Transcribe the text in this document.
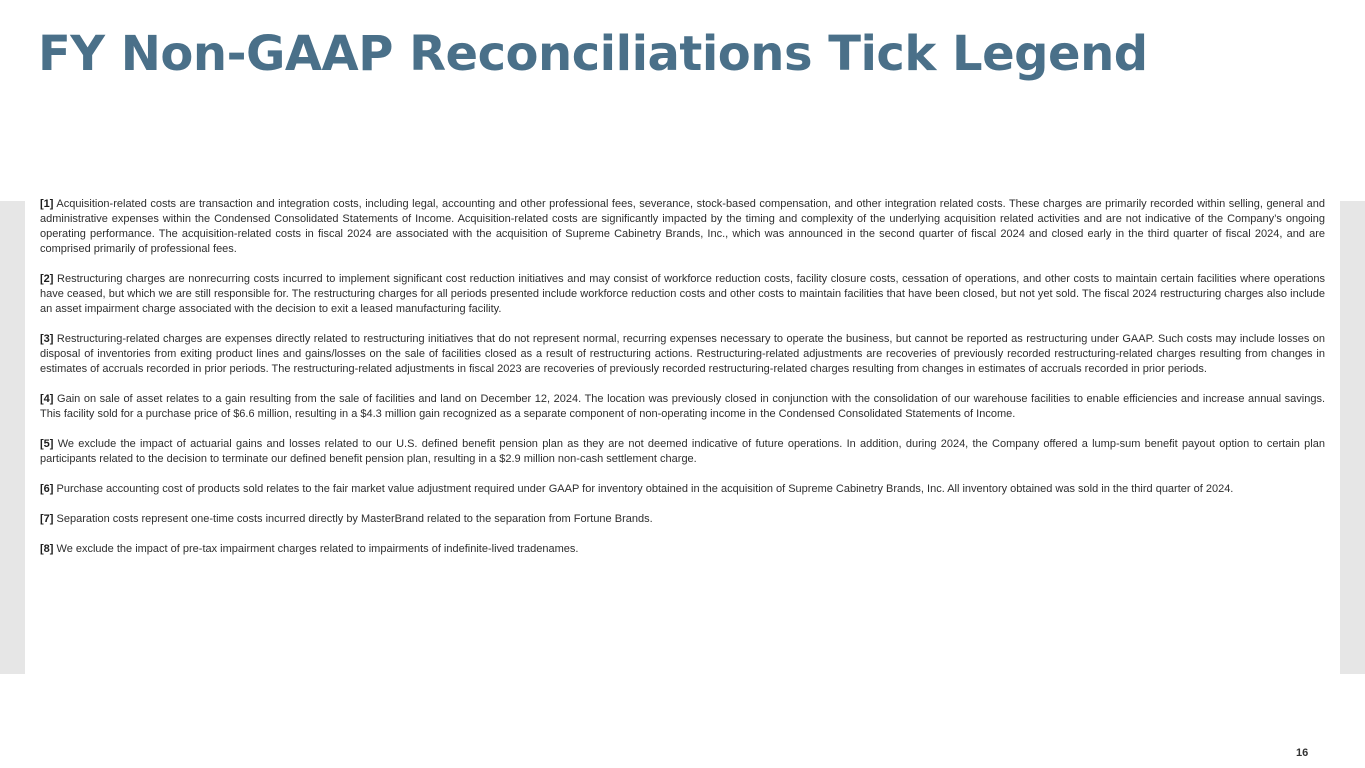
FY Non-GAAP Reconciliations Tick Legend

[1] Acquisition-related costs are transaction and integration costs, including legal, accounting and other professional fees, severance, stock-based compensation, and other integration related costs. These charges are primarily recorded within selling, general and administrative expenses within the Condensed Consolidated Statements of Income. Acquisition-related costs are significantly impacted by the timing and complexity of the underlying acquisition related activities and are not indicative of the Company’s ongoing operating performance. The acquisition-related costs in fiscal 2024 are associated with the acquisition of Supreme Cabinetry Brands, Inc., which was announced in the second quarter of fiscal 2024 and closed early in the third quarter of fiscal 2024, and are comprised primarily of professional fees.

[2] Restructuring charges are nonrecurring costs incurred to implement significant cost reduction initiatives and may consist of workforce reduction costs, facility closure costs, cessation of operations, and other costs to maintain certain facilities where operations have ceased, but which we are still responsible for. The restructuring charges for all periods presented include workforce reduction costs and other costs to maintain facilities that have been closed, but not yet sold. The fiscal 2024 restructuring charges also include an asset impairment charge associated with the decision to exit a leased manufacturing facility.

[3] Restructuring-related charges are expenses directly related to restructuring initiatives that do not represent normal, recurring expenses necessary to operate the business, but cannot be reported as restructuring under GAAP. Such costs may include losses on disposal of inventories from exiting product lines and gains/losses on the sale of facilities closed as a result of restructuring actions. Restructuring-related adjustments are recoveries of previously recorded restructuring-related charges resulting from changes in estimates of accruals recorded in prior periods. The restructuring-related adjustments in fiscal 2023 are recoveries of previously recorded restructuring-related charges resulting from changes in estimates of accruals recorded in prior periods.

[4] Gain on sale of asset relates to a gain resulting from the sale of facilities and land on December 12, 2024. The location was previously closed in conjunction with the consolidation of our warehouse facilities to enable efficiencies and increase annual savings. This facility sold for a purchase price of $6.6 million, resulting in a $4.3 million gain recognized as a separate component of non-operating income in the Condensed Consolidated Statements of Income.

[5] We exclude the impact of actuarial gains and losses related to our U.S. defined benefit pension plan as they are not deemed indicative of future operations. In addition, during 2024, the Company offered a lump-sum benefit payout option to certain plan participants related to the decision to terminate our defined benefit pension plan, resulting in a $2.9 million non-cash settlement charge.

[6] Purchase accounting cost of products sold relates to the fair market value adjustment required under GAAP for inventory obtained in the acquisition of Supreme Cabinetry Brands, Inc. All inventory obtained was sold in the third quarter of 2024.

[7] Separation costs represent one-time costs incurred directly by MasterBrand related to the separation from Fortune Brands.

[8] We exclude the impact of pre-tax impairment charges related to impairments of indefinite-lived tradenames.

16
